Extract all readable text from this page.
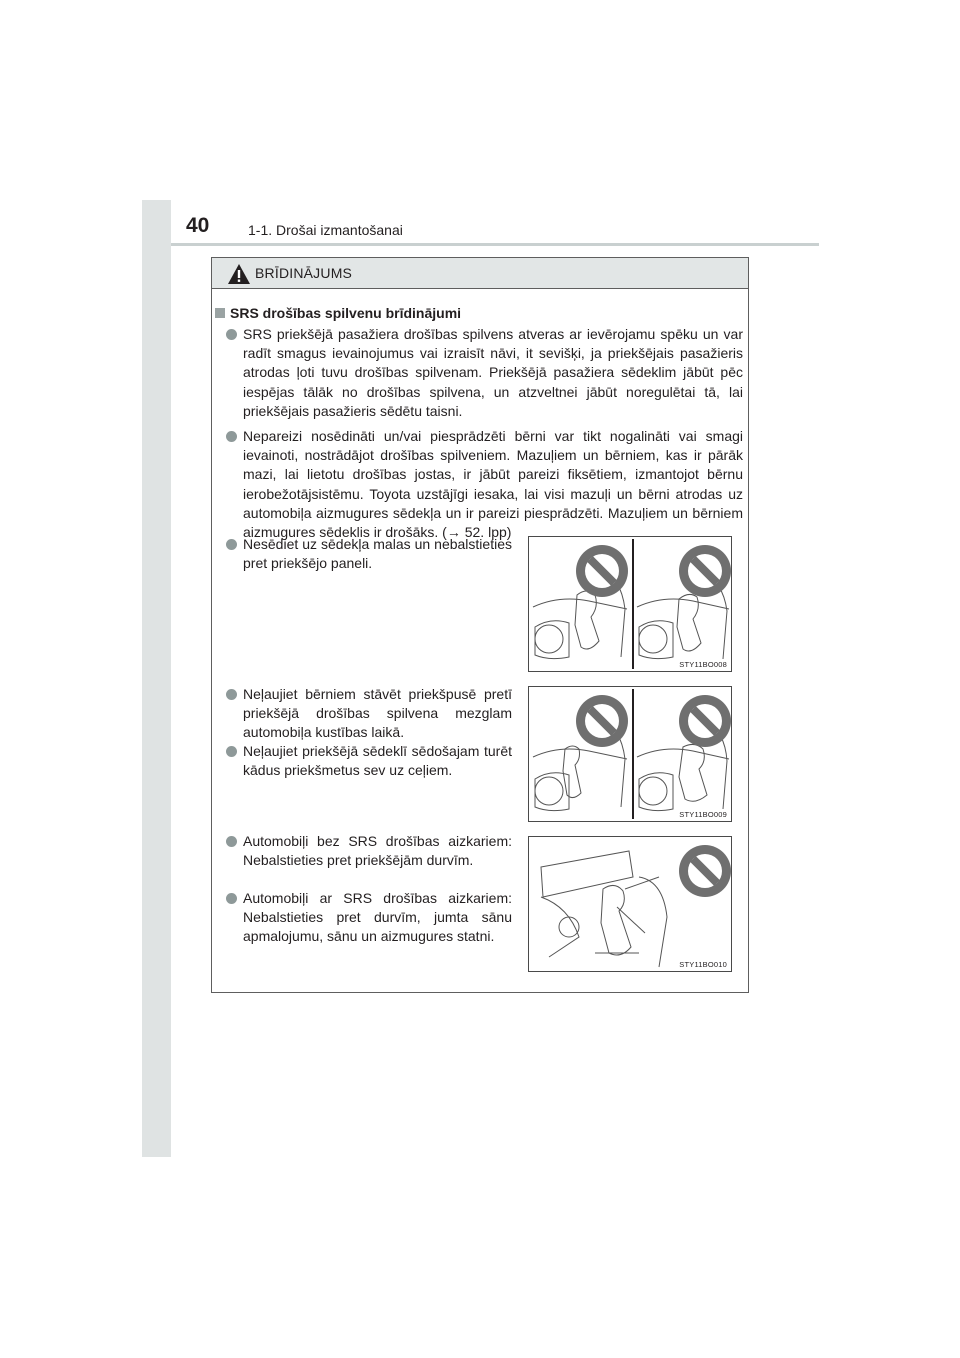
40	1-1. Drošai izmantošanai
BRĪDINĀJUMS
SRS drošības spilvenu brīdinājumi
SRS priekšējā pasažiera drošības spilvens atveras ar ievērojamu spēku un var radīt smagus ievainojumus vai izraisīt nāvi, it sevišķi, ja priekšējais pasažieris atrodas ļoti tuvu drošības spilvenam. Priekšējā pasažiera sēdeklim jābūt pēc iespējas tālāk no drošības spilvena, un atzveltnei jābūt noregulētai tā, lai priekšējais pasažieris sēdētu taisni.
Nepareizi nosēdināti un/vai piesprādzēti bērni var tikt nogalināti vai smagi ievainoti, nostrādājot drošības spilveniem. Mazuļiem un bērniem, kas ir pārāk mazi, lai lietotu drošības jostas, ir jābūt pareizi fiksētiem, izmantojot bērnu ierobežotājsistēmu. Toyota uzstājīgi iesaka, lai visi mazuļi un bērni atrodas uz automobiļa aizmugures sēdekļa un ir pareizi piesprādzēti. Mazuļiem un bērniem aizmugures sēdeklis ir drošāks. (→ 52. lpp)
Nesēdiet uz sēdekļa malas un nebalstieties pret priekšējo paneli.
Neļaujiet bērniem stāvēt priekšpusē pretī priekšējā drošības spilvena mezglam automobiļa kustības laikā.
Neļaujiet priekšējā sēdeklī sēdošajam turēt kādus priekšmetus sev uz ceļiem.
Automobiļi bez SRS drošības aizkariem: Nebalstieties pret priekšējām durvīm.
Automobiļi ar SRS drošības aizkariem: Nebalstieties pret durvīm, jumta sānu apmalojumu, sānu un aizmugures statni.
STY11BO008
STY11BO009
STY11BO010
